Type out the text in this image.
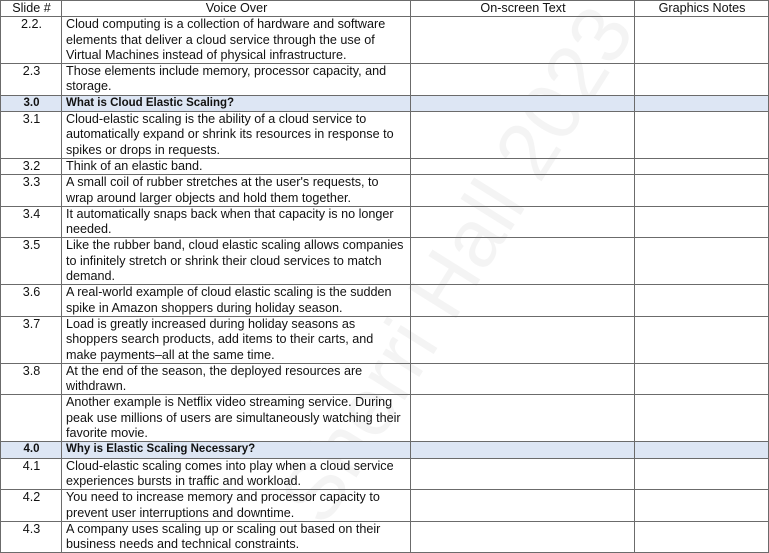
Slide #	Voice Over	On-screen Text	Graphics Notes
2.2.	Cloud computing is a collection of hardware and software elements that deliver a cloud service through the use of Virtual Machines instead of physical infrastructure.		
2.3	Those elements include memory, processor capacity, and storage.		
3.0	What is Cloud Elastic Scaling?		
3.1	Cloud-elastic scaling is the ability of a cloud service to automatically expand or shrink its resources in response to spikes or drops in requests.		
3.2	Think of an elastic band.		
3.3	A small coil of rubber stretches at the user's requests, to wrap around larger objects and hold them together.		
3.4	It automatically snaps back when that capacity is no longer needed.		
3.5	Like the rubber band, cloud elastic scaling allows companies to infinitely stretch or shrink their cloud services to match demand.		
3.6	A real-world example of cloud elastic scaling is the sudden spike in Amazon shoppers during holiday season.		
3.7	Load is greatly increased during holiday seasons as shoppers search products, add items to their carts, and make payments–all at the same time.		
3.8	At the end of the season, the deployed resources are withdrawn.		
	Another example is Netflix video streaming service. During peak use millions of users are simultaneously watching their favorite movie.		
4.0	Why is Elastic Scaling Necessary?		
4.1	Cloud-elastic scaling comes into play when a cloud service experiences bursts in traffic and workload.		
4.2	You need to increase memory and processor capacity to prevent user interruptions and downtime.		
4.3	A company uses scaling up or scaling out based on their business needs and technical constraints.		
